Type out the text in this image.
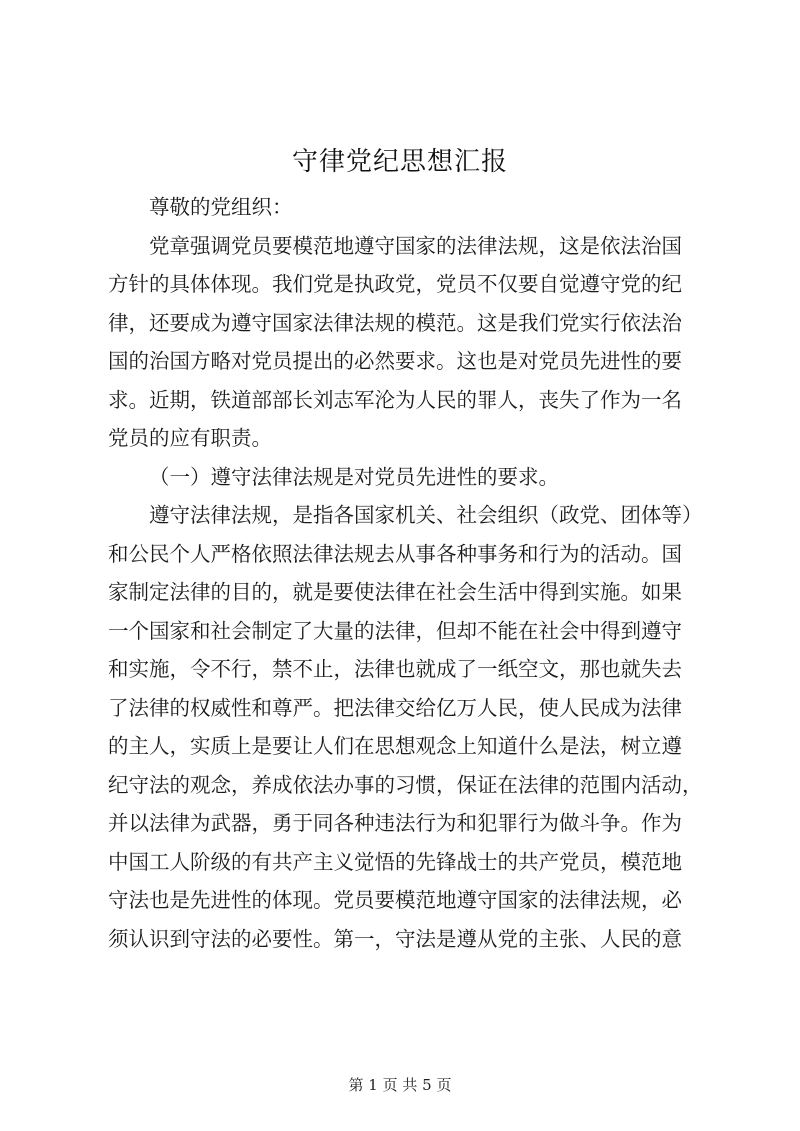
守律党纪思想汇报
尊敬的党组织：
党章强调党员要模范地遵守国家的法律法规，这是依法治国
方针的具体体现。我们党是执政党，党员不仅要自觉遵守党的纪
律，还要成为遵守国家法律法规的模范。这是我们党实行依法治
国的治国方略对党员提出的必然要求。这也是对党员先进性的要
求。近期，铁道部部长刘志军沦为人民的罪人，丧失了作为一名
党员的应有职责。
（一）遵守法律法规是对党员先进性的要求。
遵守法律法规，是指各国家机关、社会组织（政党、团体等）
和公民个人严格依照法律法规去从事各种事务和行为的活动。国
家制定法律的目的，就是要使法律在社会生活中得到实施。如果
一个国家和社会制定了大量的法律，但却不能在社会中得到遵守
和实施，令不行，禁不止，法律也就成了一纸空文，那也就失去
了法律的权威性和尊严。把法律交给亿万人民，使人民成为法律
的主人，实质上是要让人们在思想观念上知道什么是法，树立遵
纪守法的观念，养成依法办事的习惯，保证在法律的范围内活动，
并以法律为武器，勇于同各种违法行为和犯罪行为做斗争。作为
中国工人阶级的有共产主义觉悟的先锋战士的共产党员，模范地
守法也是先进性的体现。党员要模范地遵守国家的法律法规，必
须认识到守法的必要性。第一，守法是遵从党的主张、人民的意
第 1 页 共 5 页
